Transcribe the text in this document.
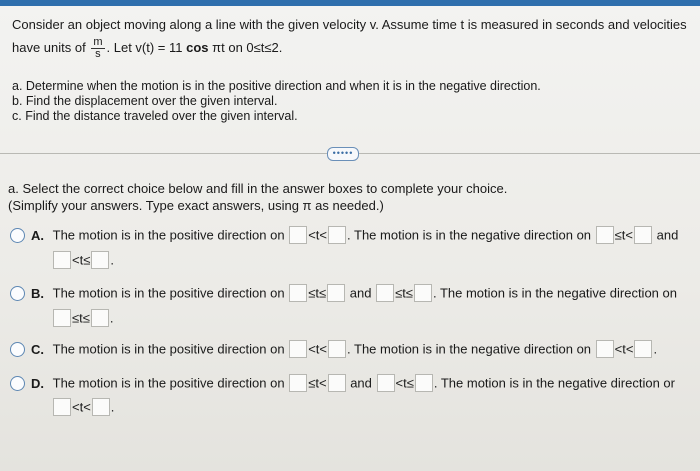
Consider an object moving along a line with the given velocity v. Assume time t is measured in seconds and velocities
have units of $\frac{m}{s}$ . Let v(t) = 11 cos πt on 0≤t≤2.
a. Determine when the motion is in the positive direction and when it is in the negative direction.
b. Find the displacement over the given interval.
c. Find the distance traveled over the given interval.
•••••
a. Select the correct choice below and fill in the answer boxes to complete your choice.
(Simplify your answers. Type exact answers, using π as needed.)
A. The motion is in the positive direction on <t< . The motion is in the negative direction on ≤t< and
<t≤ .
B. The motion is in the positive direction on ≤t≤ and ≤t≤ . The motion is in the negative direction on
≤t≤ .
C. The motion is in the positive direction on <t< . The motion is in the negative direction on <t< .
D. The motion is in the positive direction on ≤t< and <t≤ . The motion is in the negative direction or
<t< .
